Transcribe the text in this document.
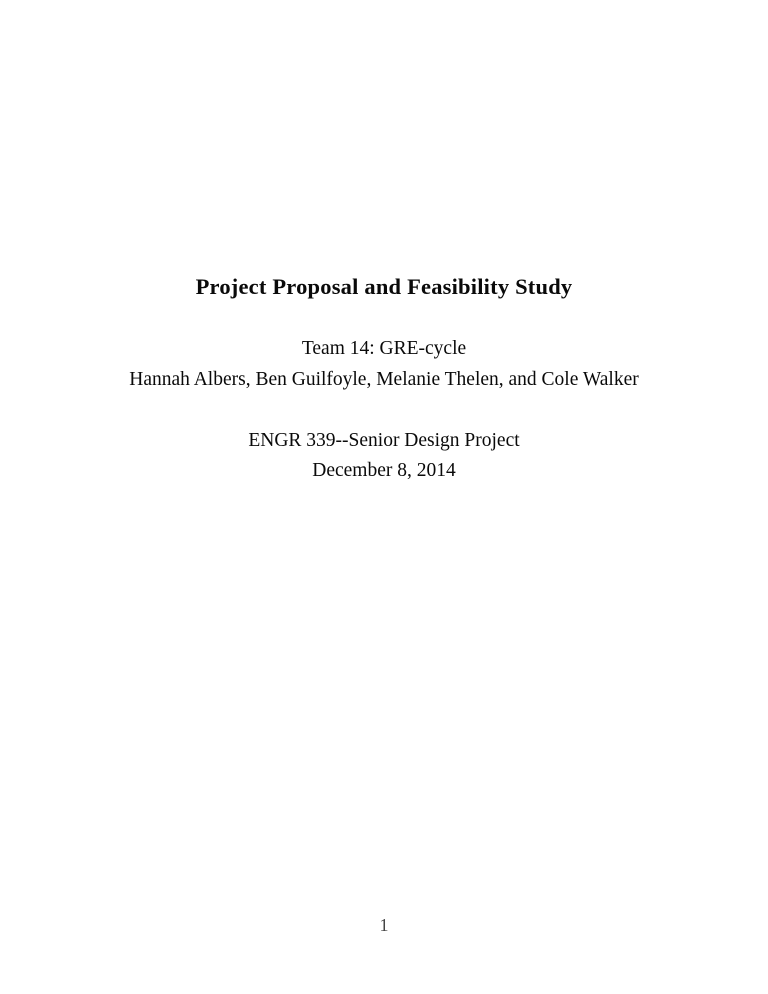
Project Proposal and Feasibility Study
Team 14: GRE-cycle
Hannah Albers, Ben Guilfoyle, Melanie Thelen, and Cole Walker
ENGR 339--Senior Design Project
December 8, 2014
1
